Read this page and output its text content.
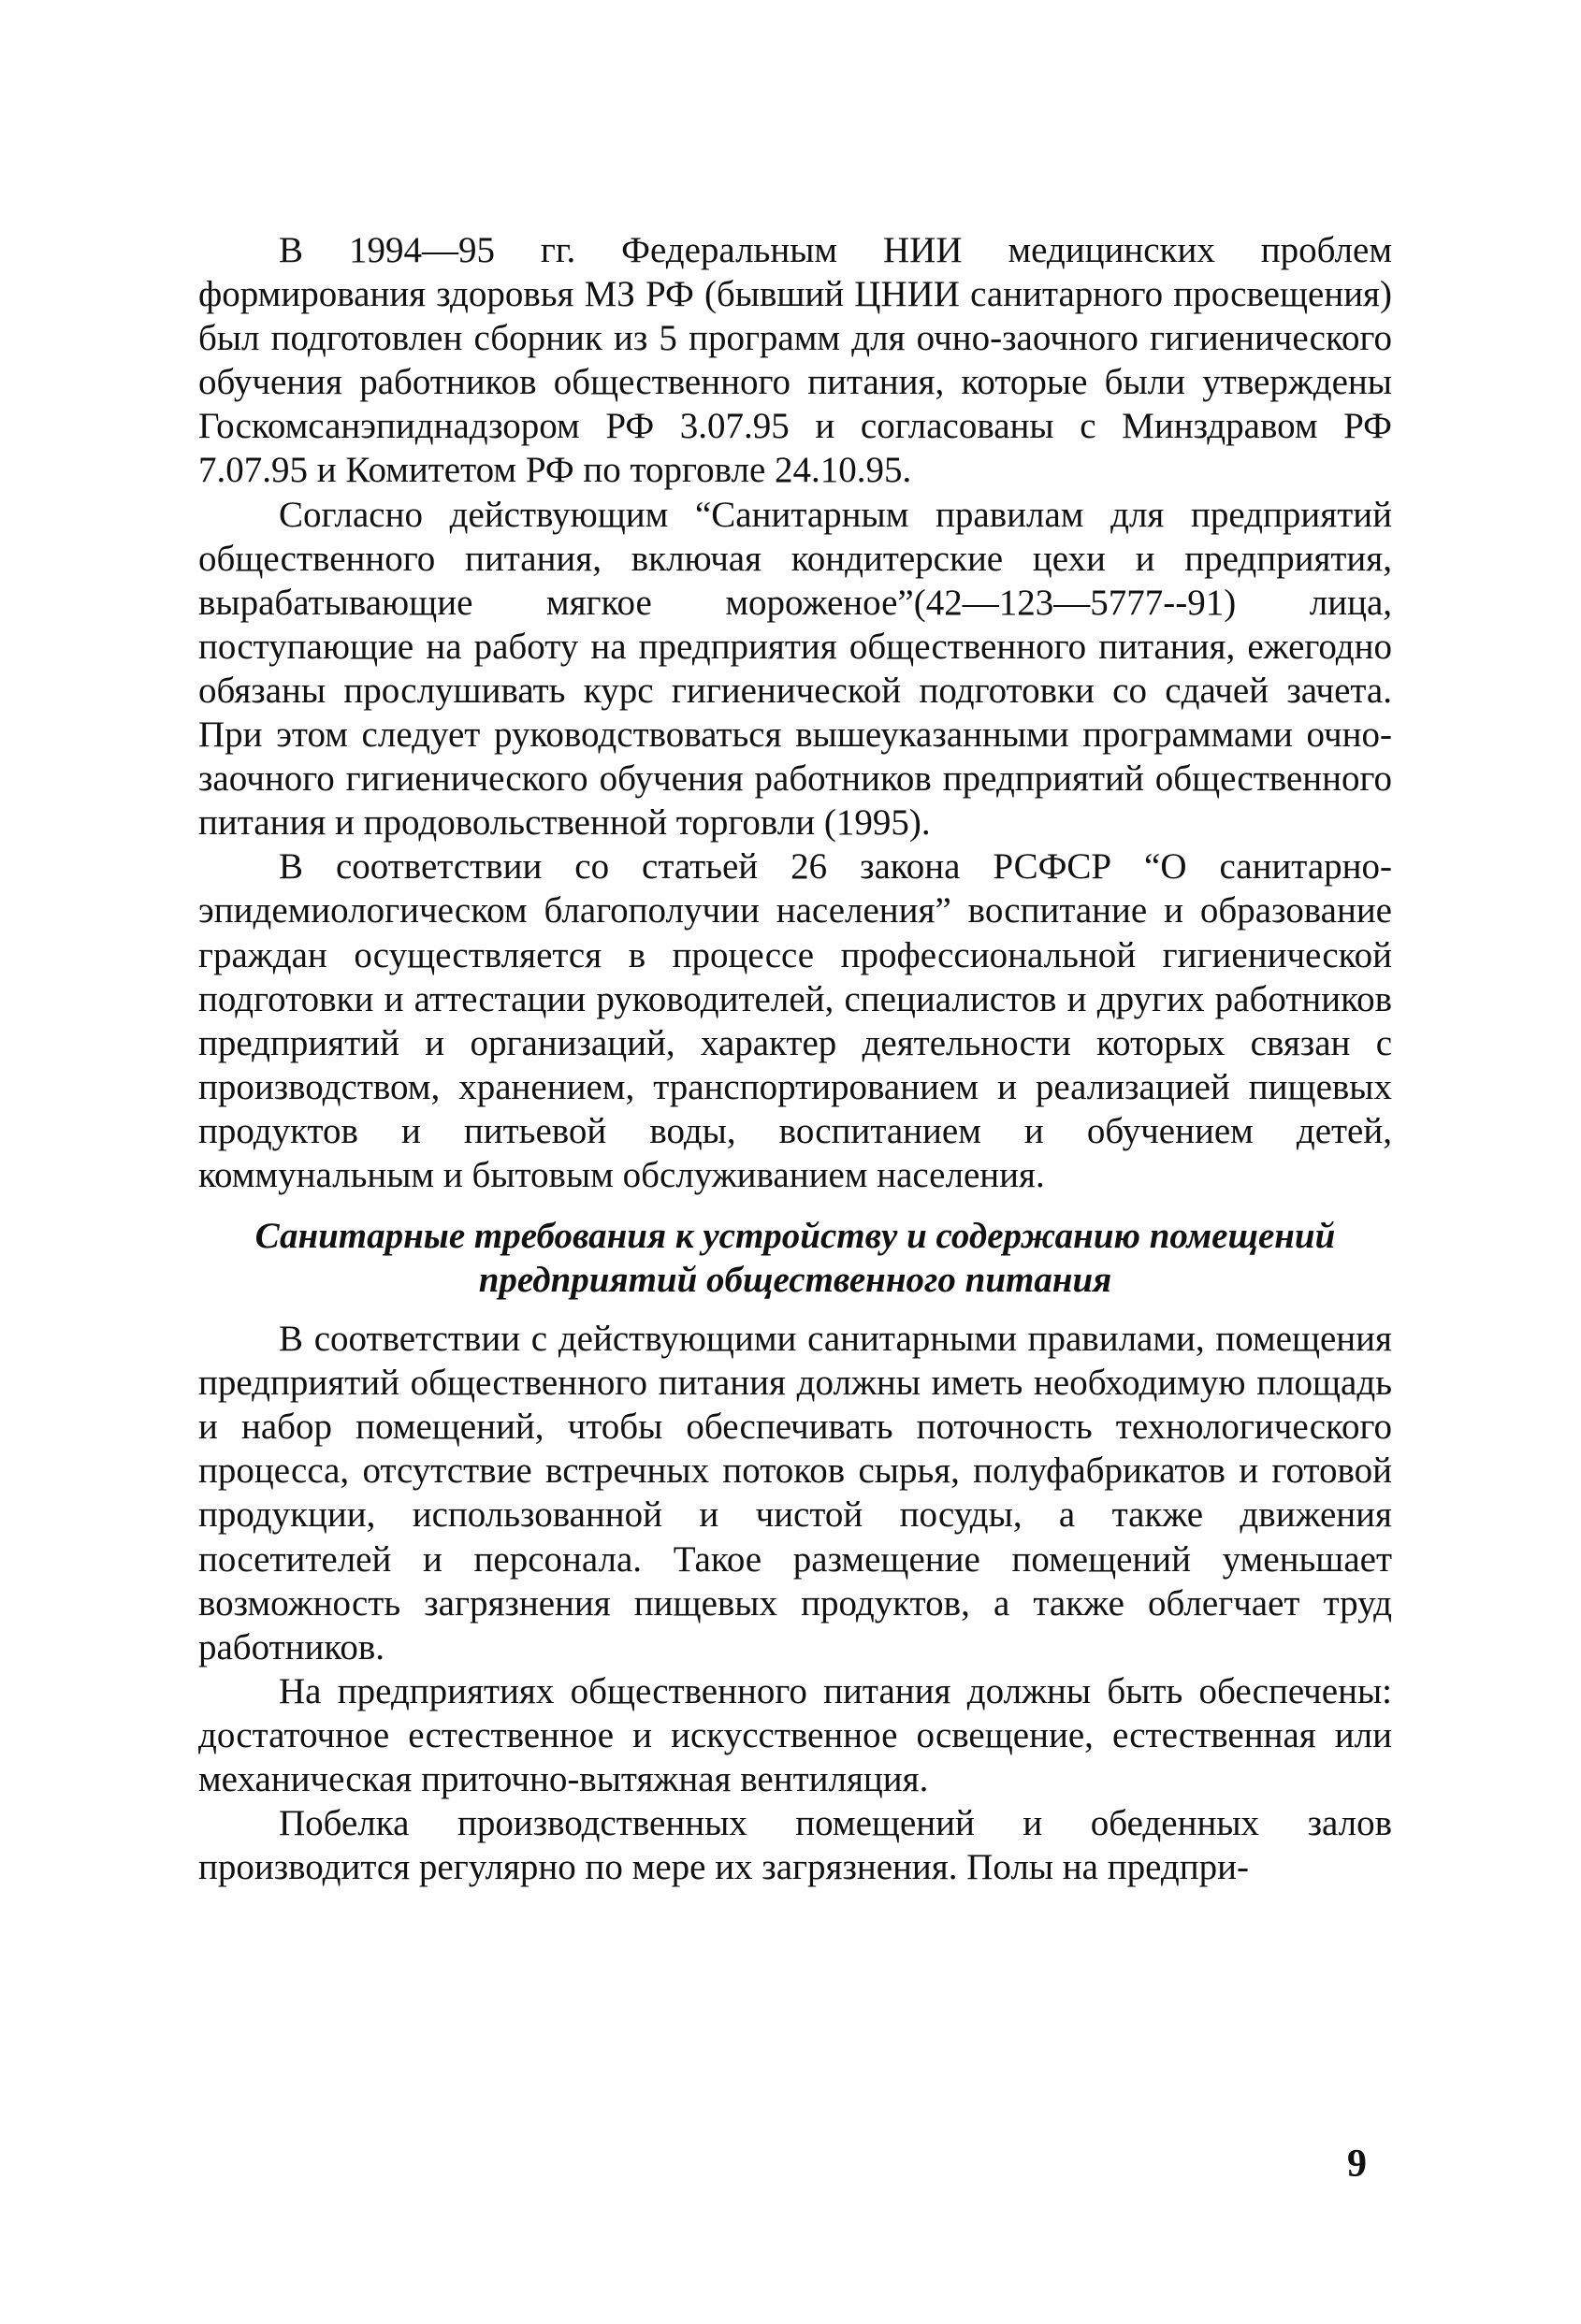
В 1994—95 гг. Федеральным НИИ медицинских проблем формирования здоровья МЗ РФ (бывший ЦНИИ санитарного просвещения) был подготовлен сборник из 5 программ для очно-заочного гигиенического обучения работников общественного питания, которые были утверждены Госкомсанэпиднадзором РФ 3.07.95 и согласованы с Минздравом РФ 7.07.95 и Комитетом РФ по торговле 24.10.95.

Согласно действующим “Санитарным правилам для предприятий общественного питания, включая кондитерские цехи и предприятия, вырабатывающие мягкое мороженое”(42—123—5777--91) лица, поступающие на работу на предприятия общественного питания, ежегодно обязаны прослушивать курс гигиенической подготовки со сдачей зачета. При этом следует руководствоваться вышеуказанными программами очно-заочного гигиенического обучения работников предприятий общественного питания и продовольственной торговли (1995).

В соответствии со статьей 26 закона РСФСР “О санитарно-эпидемиологическом благополучии населения” воспитание и образование граждан осуществляется в процессе профессиональной гигиенической подготовки и аттестации руководителей, специалистов и других работников предприятий и организаций, характер деятельности которых связан с производством, хранением, транспортированием и реализацией пищевых продуктов и питьевой воды, воспитанием и обучением детей, коммунальным и бытовым обслуживанием населения.

Санитарные требования к устройству и содержанию помещений
предприятий общественного питания

В соответствии с действующими санитарными правилами, помещения предприятий общественного питания должны иметь необходимую площадь и набор помещений, чтобы обеспечивать поточность технологического процесса, отсутствие встречных потоков сырья, полуфабрикатов и готовой продукции, использованной и чистой посуды, а также движения посетителей и персонала. Такое размещение помещений уменьшает возможность загрязнения пищевых продуктов, а также облегчает труд работников.

На предприятиях общественного питания должны быть обеспечены: достаточное естественное и искусственное освещение, естественная или механическая приточно-вытяжная вентиляция.

Побелка производственных помещений и обеденных залов производится регулярно по мере их загрязнения. Полы на предпри-

9
